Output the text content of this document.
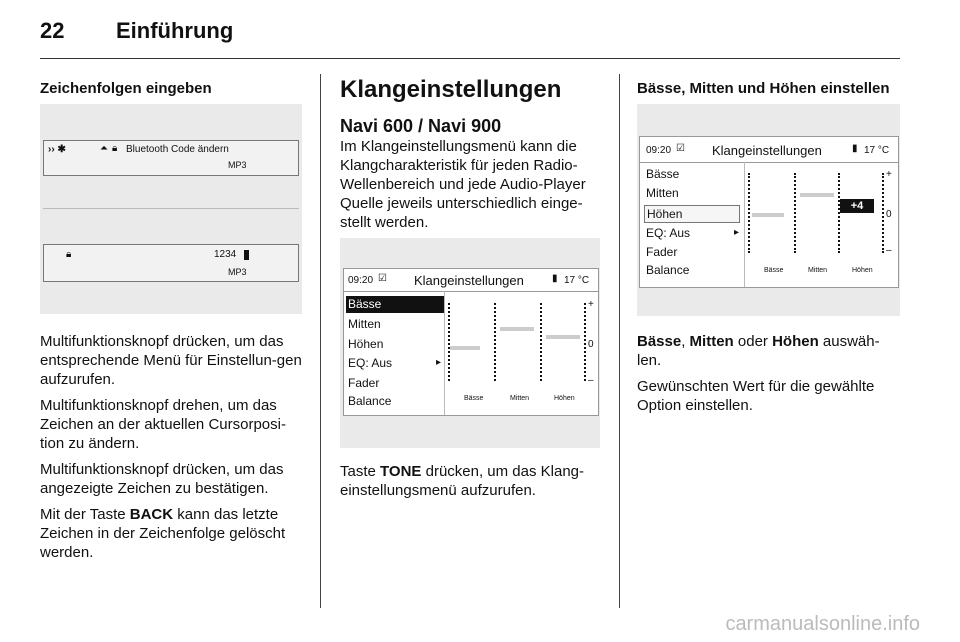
22 Einführung
Zeichenfolgen eingeben
›› ✱	⏶ 🔒︎ Bluetooth Code ändern
MP3
🔒︎	1234
MP3

Multifunktionsknopf drücken, um das entsprechende Menü für Einstellun-gen aufzurufen.

Multifunktionsknopf drehen, um das Zeichen an der aktuellen Cursorposi-tion zu ändern.

Multifunktionsknopf drücken, um das angezeigte Zeichen zu bestätigen.

Mit der Taste BACK kann das letzte Zeichen in der Zeichenfolge gelöscht werden.

Klangeinstellungen
Navi 600 / Navi 900
Im Klangeinstellungsmenü kann die Klangcharakteristik für jeden Radio-Wellenbereich und jede Audio-Player Quelle jeweils unterschiedlich einge-stellt werden.
09:20 ☑ Klangeinstellungen	▮ 17 °C
Bässe
Mitten
Höhen
EQ: Aus	▸
Fader
Balance
+
0
–
Bässe	Mitten	Höhen
Taste TONE drücken, um das Klang-einstellungsmenü aufzurufen.
Bässe, Mitten und Höhen einstellen
09:20 ☑ Klangeinstellungen	▮ 17 °C
Bässe
Mitten
Höhen
EQ: Aus	▸
Fader
Balance
+4
+
0
–
Bässe	Mitten	Höhen

Bässe, Mitten oder Höhen auswäh-len.

Gewünschten Wert für die gewählte Option einstellen.

carmanualsonline.info
